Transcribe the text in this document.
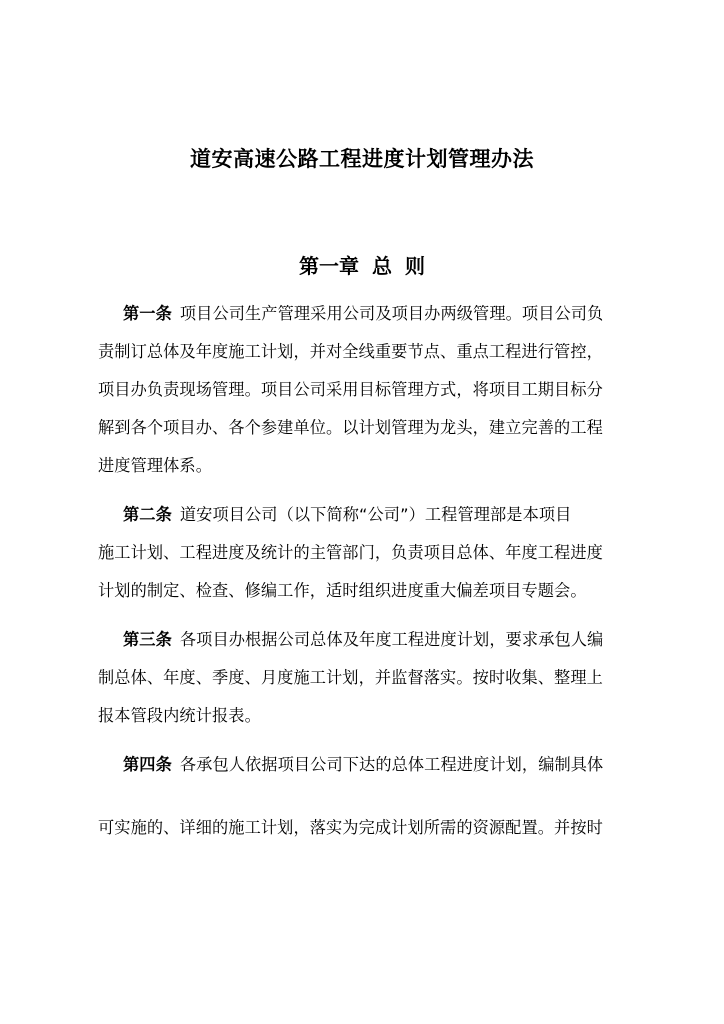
道安高速公路工程进度计划管理办法
第一章 总 则
第一条 项目公司生产管理采用公司及项目办两级管理。项目公司负
责制订总体及年度施工计划，并对全线重要节点、重点工程进行管控，
项目办负责现场管理。项目公司采用目标管理方式，将项目工期目标分
解到各个项目办、各个参建单位。以计划管理为龙头，建立完善的工程
进度管理体系。
第二条 道安项目公司（以下简称“公司”）工程管理部是本项目
施工计划、工程进度及统计的主管部门，负责项目总体、年度工程进度
计划的制定、检查、修编工作，适时组织进度重大偏差项目专题会。
第三条 各项目办根据公司总体及年度工程进度计划，要求承包人编
制总体、年度、季度、月度施工计划，并监督落实。按时收集、整理上
报本管段内统计报表。
第四条 各承包人依据项目公司下达的总体工程进度计划，编制具体
可实施的、详细的施工计划，落实为完成计划所需的资源配置。并按时
